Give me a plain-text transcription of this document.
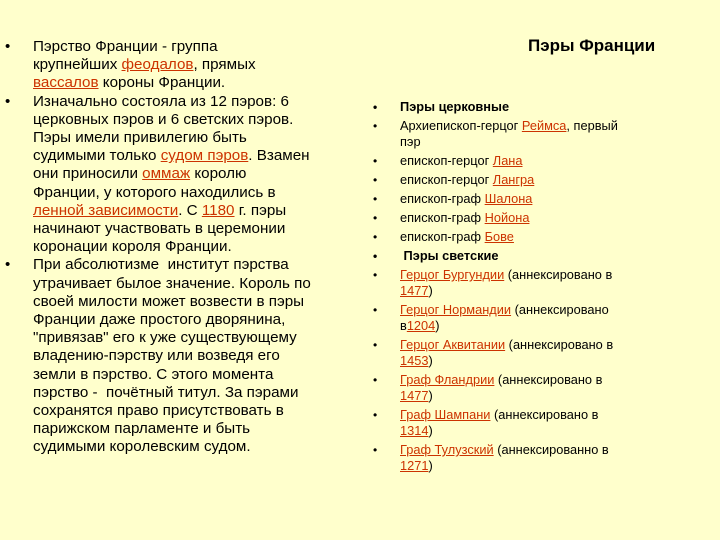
• Пэрство Франции - группа
крупнейших феодалов, прямых
вассалов короны Франции.
• Изначально состояла из 12 пэров: 6
церковных пэров и 6 светских пэров.
Пэры имели привилегию быть
судимыми только судом пэров. Взамен
они приносили оммаж королю
Франции, у которого находились в
ленной зависимости. С 1180 г. пэры
начинают участвовать в церемонии
коронации короля Франции.
• При абсолютизме  институт пэрства
утрачивает былое значение. Король по
своей милости может возвести в пэры
Франции даже простого дворянина,
"привязав" его к уже существующему
владению-пэрству или возведя его
земли в пэрство. С этого момента
пэрство -  почётный титул. За пэрами
сохранятся право присутствовать в
парижском парламенте и быть
судимыми королевским судом.
Пэры Франции
• Пэры церковные
• Архиепископ-герцог Реймса, первый
пэр
• епископ-герцог Лана
• епископ-герцог Лангра
• епископ-граф Шалона
• епископ-граф Нойона
• епископ-граф Бове
• Пэры светские
• Герцог Бургундии (аннексировано в
1477)
• Герцог Нормандии (аннексировано
в1204)
• Герцог Аквитании (аннексировано в
1453)
• Граф Фландрии (аннексировано в
1477)
• Граф Шампани (аннексировано в
1314)
• Граф Тулузский (аннексированно в
1271)
